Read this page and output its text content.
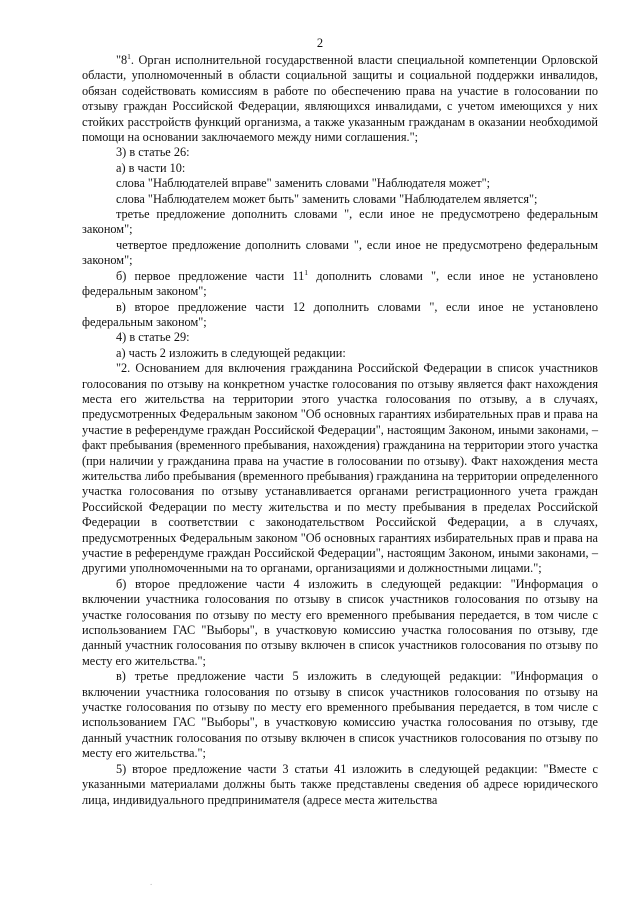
2

"$8^1$. Орган исполнительной государственной власти специальной компетенции Орловской области, уполномоченный в области социальной защиты и социальной поддержки инвалидов, обязан содействовать комиссиям в работе по обеспечению права на участие в голосовании по отзыву граждан Российской Федерации, являющихся инвалидами, с учетом имеющихся у них стойких расстройств функций организма, а также указанным гражданам в оказании необходимой помощи на основании заключаемого между ними соглашения.";

3) в статье 26:

а) в части 10:

слова "Наблюдателей вправе" заменить словами "Наблюдателя может";

слова "Наблюдателем может быть" заменить словами "Наблюдателем является";

третье предложение дополнить словами ", если иное не предусмотрено федеральным законом";

четвертое предложение дополнить словами ", если иное не предусмотрено федеральным законом";

б) первое предложение части $11^1$ дополнить словами ", если иное не установлено федеральным законом";

в) второе предложение части 12 дополнить словами ", если иное не установлено федеральным законом";

4) в статье 29:

а) часть 2 изложить в следующей редакции:

"2. Основанием для включения гражданина Российской Федерации в список участников голосования по отзыву на конкретном участке голосования по отзыву является факт нахождения места его жительства на территории этого участка голосования по отзыву, а в случаях, предусмотренных Федеральным законом "Об основных гарантиях избирательных прав и права на участие в референдуме граждан Российской Федерации", настоящим Законом, иными законами, – факт пребывания (временного пребывания, нахождения) гражданина на территории этого участка (при наличии у гражданина права на участие в голосовании по отзыву). Факт нахождения места жительства либо пребывания (временного пребывания) гражданина на территории определенного участка голосования по отзыву устанавливается органами регистрационного учета граждан Российской Федерации по месту жительства и по месту пребывания в пределах Российской Федерации в соответствии с законодательством Российской Федерации, а в случаях, предусмотренных Федеральным законом "Об основных гарантиях избирательных прав и права на участие в референдуме граждан Российской Федерации", настоящим Законом, иными законами, – другими уполномоченными на то органами, организациями и должностными лицами.";

б) второе предложение части 4 изложить в следующей редакции: "Информация о включении участника голосования по отзыву в список участников голосования по отзыву на участке голосования по отзыву по месту его временного пребывания передается, в том числе с использованием ГАС "Выборы", в участковую комиссию участка голосования по отзыву, где данный участник голосования по отзыву включен в список участников голосования по отзыву по месту его жительства.";

в) третье предложение части 5 изложить в следующей редакции: "Информация о включении участника голосования по отзыву в список участников голосования по отзыву на участке голосования по отзыву по месту его временного пребывания передается, в том числе с использованием ГАС "Выборы", в участковую комиссию участка голосования по отзыву, где данный участник голосования по отзыву включен в список участников голосования по отзыву по месту его жительства.";

5) второе предложение части 3 статьи 41 изложить в следующей редакции: "Вместе с указанными материалами должны быть также представлены сведения об адресе юридического лица, индивидуального предпринимателя (адресе места жительства

.
